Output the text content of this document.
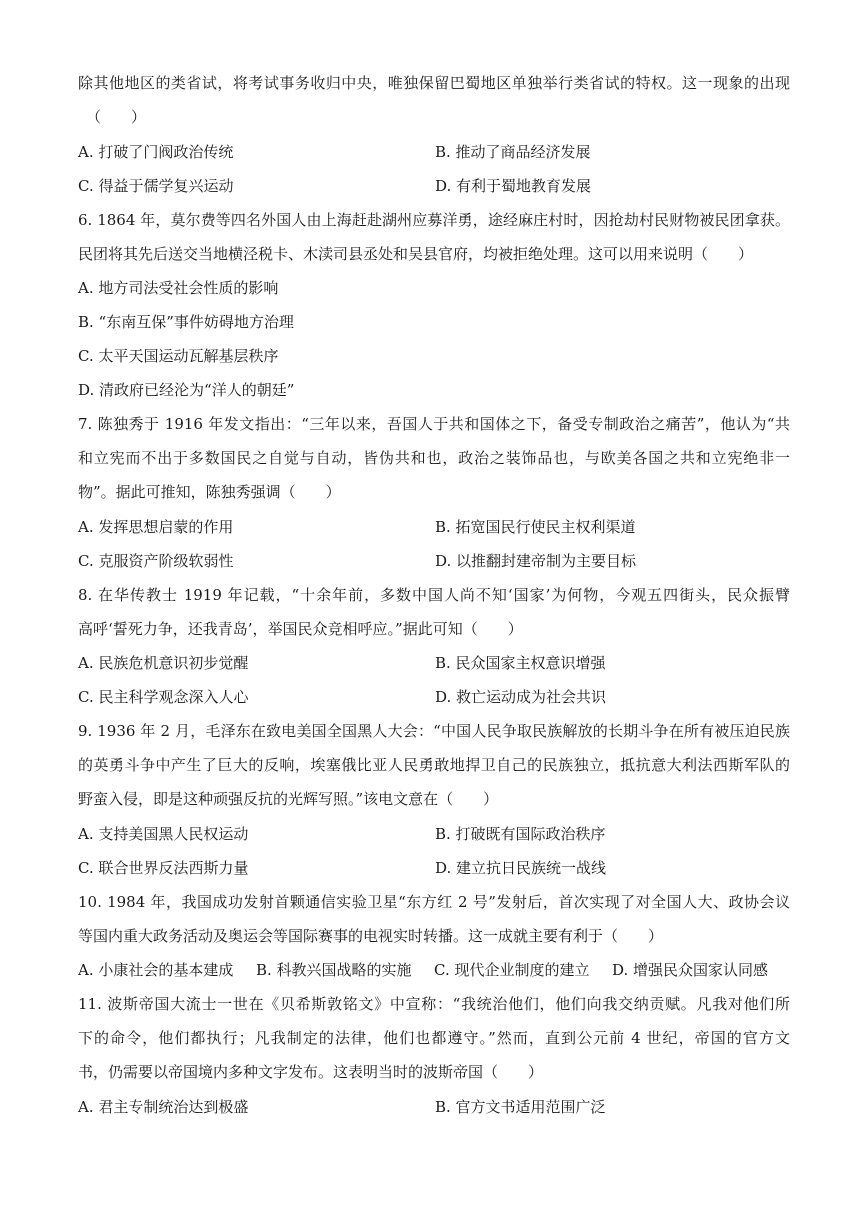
除其他地区的类省试，将考试事务收归中央，唯独保留巴蜀地区单独举行类省试的特权。这一现象的出现
（　　）
A. 打破了门阀政治传统	B. 推动了商品经济发展
C. 得益于儒学复兴运动	D. 有利于蜀地教育发展
6. 1864 年，莫尔费等四名外国人由上海赶赴湖州应募洋勇，途经麻庄村时，因抢劫村民财物被民团拿获。
民团将其先后送交当地横泾税卡、木渎司县丞处和吴县官府，均被拒绝处理。这可以用来说明（　　）
A. 地方司法受社会性质的影响
B. “东南互保”事件妨碍地方治理
C. 太平天国运动瓦解基层秩序
D. 清政府已经沦为“洋人的朝廷”
7. 陈独秀于 1916 年发文指出：“三年以来，吾国人于共和国体之下，备受专制政治之痛苦”，他认为“共
和立宪而不出于多数国民之自觉与自动，皆伪共和也，政治之装饰品也，与欧美各国之共和立宪绝非一
物”。据此可推知，陈独秀强调（　　）
A. 发挥思想启蒙的作用	B. 拓宽国民行使民主权利渠道
C. 克服资产阶级软弱性	D. 以推翻封建帝制为主要目标
8. 在华传教士 1919 年记载，“十余年前，多数中国人尚不知‘国家’为何物，今观五四街头，民众振臂
高呼‘誓死力争，还我青岛’，举国民众竞相呼应。”据此可知（　　）
A. 民族危机意识初步觉醒	B. 民众国家主权意识增强
C. 民主科学观念深入人心	D. 救亡运动成为社会共识
9. 1936 年 2 月，毛泽东在致电美国全国黑人大会：“中国人民争取民族解放的长期斗争在所有被压迫民族
的英勇斗争中产生了巨大的反响，埃塞俄比亚人民勇敢地捍卫自己的民族独立，抵抗意大利法西斯军队的
野蛮入侵，即是这种顽强反抗的光辉写照。”该电文意在（　　）
A. 支持美国黑人民权运动	B. 打破既有国际政治秩序
C. 联合世界反法西斯力量	D. 建立抗日民族统一战线
10. 1984 年，我国成功发射首颗通信实验卫星“东方红 2 号”发射后，首次实现了对全国人大、政协会议
等国内重大政务活动及奥运会等国际赛事的电视实时转播。这一成就主要有利于（　　）
A. 小康社会的基本建成 B. 科教兴国战略的实施 C. 现代企业制度的建立 D. 增强民众国家认同感
11. 波斯帝国大流士一世在《贝希斯敦铭文》中宣称：“我统治他们，他们向我交纳贡赋。凡我对他们所
下的命令，他们都执行；凡我制定的法律，他们也都遵守。”然而，直到公元前 4 世纪，帝国的官方文
书，仍需要以帝国境内多种文字发布。这表明当时的波斯帝国（　　）
A. 君主专制统治达到极盛	B. 官方文书适用范围广泛
